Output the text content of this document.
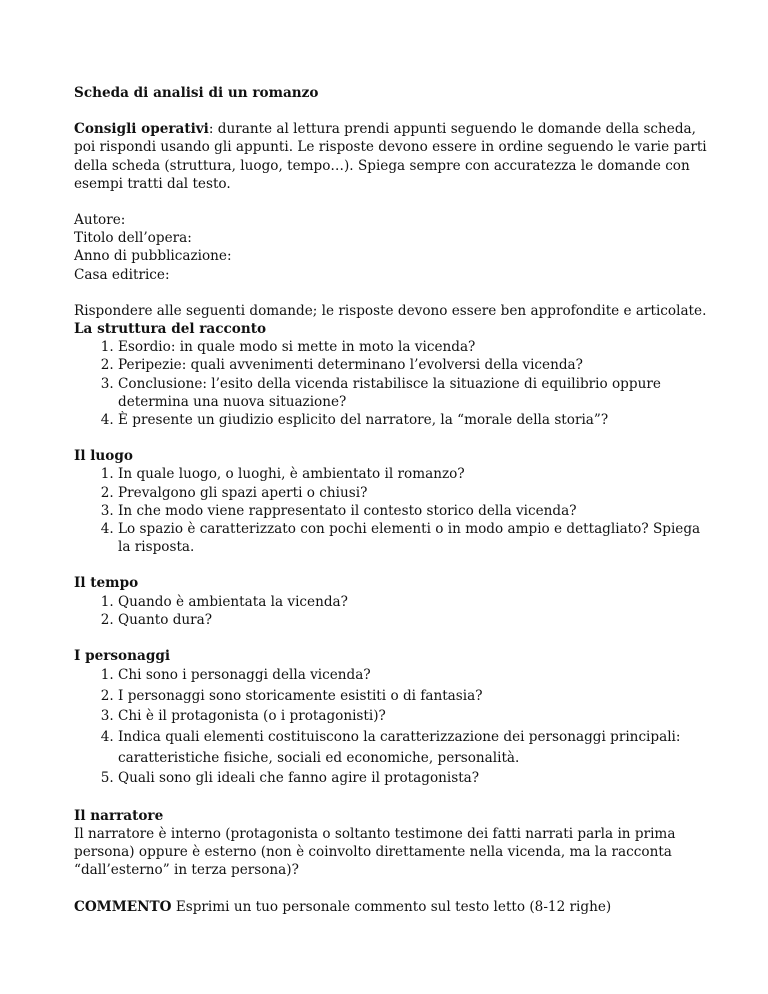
Scheda di analisi di un romanzo

Consigli operativi: durante al lettura prendi appunti seguendo le domande della scheda, poi rispondi usando gli appunti. Le risposte devono essere in ordine seguendo le varie parti della scheda (struttura, luogo, tempo…). Spiega sempre con accuratezza le domande con esempi tratti dal testo.

Autore:
Titolo dell’opera:
Anno di pubblicazione:
Casa editrice:
Rispondere alle seguenti domande; le risposte devono essere ben approfondite e articolate.
La struttura del racconto
1. Esordio: in quale modo si mette in moto la vicenda?
2. Peripezie: quali avvenimenti determinano l’evolversi della vicenda?
3. Conclusione: l’esito della vicenda ristabilisce la situazione di equilibrio oppure determina una nuova situazione?
4. È presente un giudizio esplicito del narratore, la “morale della storia”?
Il luogo
1. In quale luogo, o luoghi, è ambientato il romanzo?
2. Prevalgono gli spazi aperti o chiusi?
3. In che modo viene rappresentato il contesto storico della vicenda?
4. Lo spazio è caratterizzato con pochi elementi o in modo ampio e dettagliato? Spiega la risposta.
Il tempo
1. Quando è ambientata la vicenda?
2. Quanto dura?
I personaggi
1. Chi sono i personaggi della vicenda?
2. I personaggi sono storicamente esistiti o di fantasia?
3. Chi è il protagonista (o i protagonisti)?
4. Indica quali elementi costituiscono la caratterizzazione dei personaggi principali: caratteristiche fisiche, sociali ed economiche, personalità.
5. Quali sono gli ideali che fanno agire il protagonista?
Il narratore

Il narratore è interno (protagonista o soltanto testimone dei fatti narrati parla in prima persona) oppure è esterno (non è coinvolto direttamente nella vicenda, ma la racconta “dall’esterno” in terza persona)?

COMMENTO Esprimi un tuo personale commento sul testo letto (8-12 righe)
